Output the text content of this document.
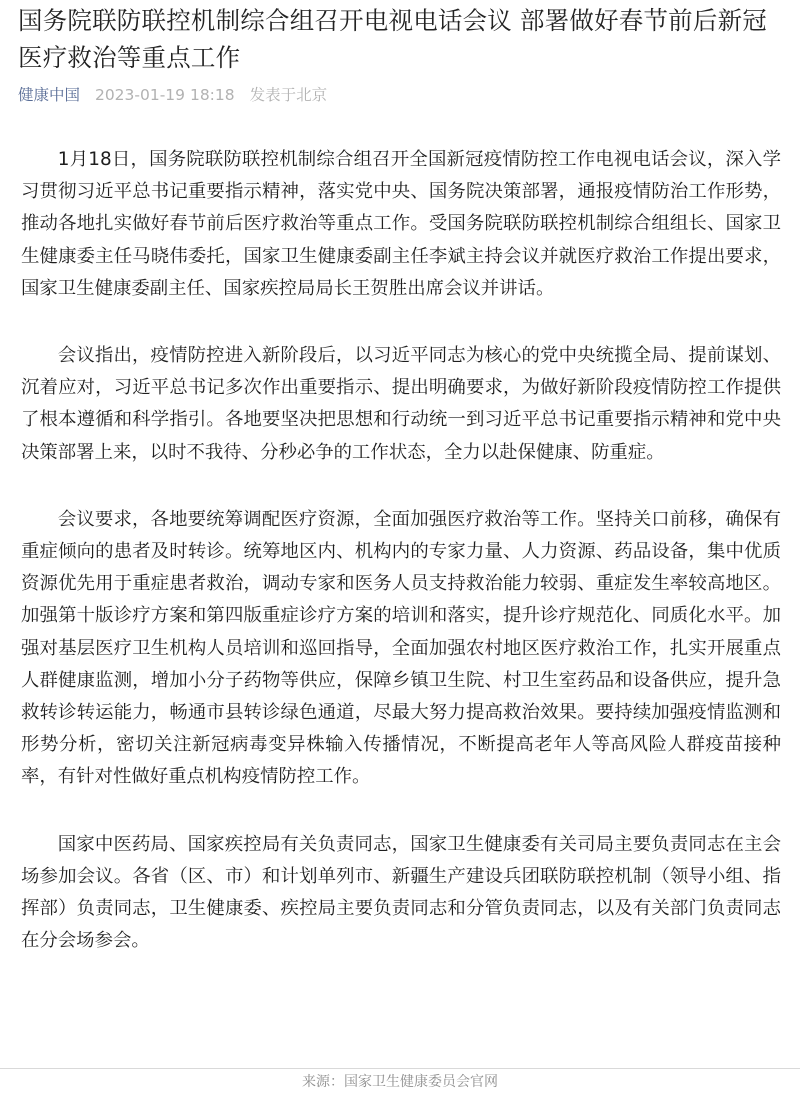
国务院联防联控机制综合组召开电视电话会议 部署做好春节前后新冠医疗救治等重点工作
健康中国 2023-01-19 18:18 发表于北京

1月18日，国务院联防联控机制综合组召开全国新冠疫情防控工作电视电话会议，深入学习贯彻习近平总书记重要指示精神，落实党中央、国务院决策部署，通报疫情防治工作形势，推动各地扎实做好春节前后医疗救治等重点工作。受国务院联防联控机制综合组组长、国家卫生健康委主任马晓伟委托，国家卫生健康委副主任李斌主持会议并就医疗救治工作提出要求，国家卫生健康委副主任、国家疾控局局长王贺胜出席会议并讲话。

会议指出，疫情防控进入新阶段后，以习近平同志为核心的党中央统揽全局、提前谋划、沉着应对，习近平总书记多次作出重要指示、提出明确要求，为做好新阶段疫情防控工作提供了根本遵循和科学指引。各地要坚决把思想和行动统一到习近平总书记重要指示精神和党中央决策部署上来，以时不我待、分秒必争的工作状态，全力以赴保健康、防重症。

会议要求，各地要统筹调配医疗资源，全面加强医疗救治等工作。坚持关口前移，确保有重症倾向的患者及时转诊。统筹地区内、机构内的专家力量、人力资源、药品设备，集中优质资源优先用于重症患者救治，调动专家和医务人员支持救治能力较弱、重症发生率较高地区。加强第十版诊疗方案和第四版重症诊疗方案的培训和落实，提升诊疗规范化、同质化水平。加强对基层医疗卫生机构人员培训和巡回指导，全面加强农村地区医疗救治工作，扎实开展重点人群健康监测，增加小分子药物等供应，保障乡镇卫生院、村卫生室药品和设备供应，提升急救转诊转运能力，畅通市县转诊绿色通道，尽最大努力提高救治效果。要持续加强疫情监测和形势分析，密切关注新冠病毒变异株输入传播情况，不断提高老年人等高风险人群疫苗接种率，有针对性做好重点机构疫情防控工作。

国家中医药局、国家疾控局有关负责同志，国家卫生健康委有关司局主要负责同志在主会场参加会议。各省（区、市）和计划单列市、新疆生产建设兵团联防联控机制（领导小组、指挥部）负责同志，卫生健康委、疾控局主要负责同志和分管负责同志，以及有关部门负责同志在分会场参会。

来源：国家卫生健康委员会官网
